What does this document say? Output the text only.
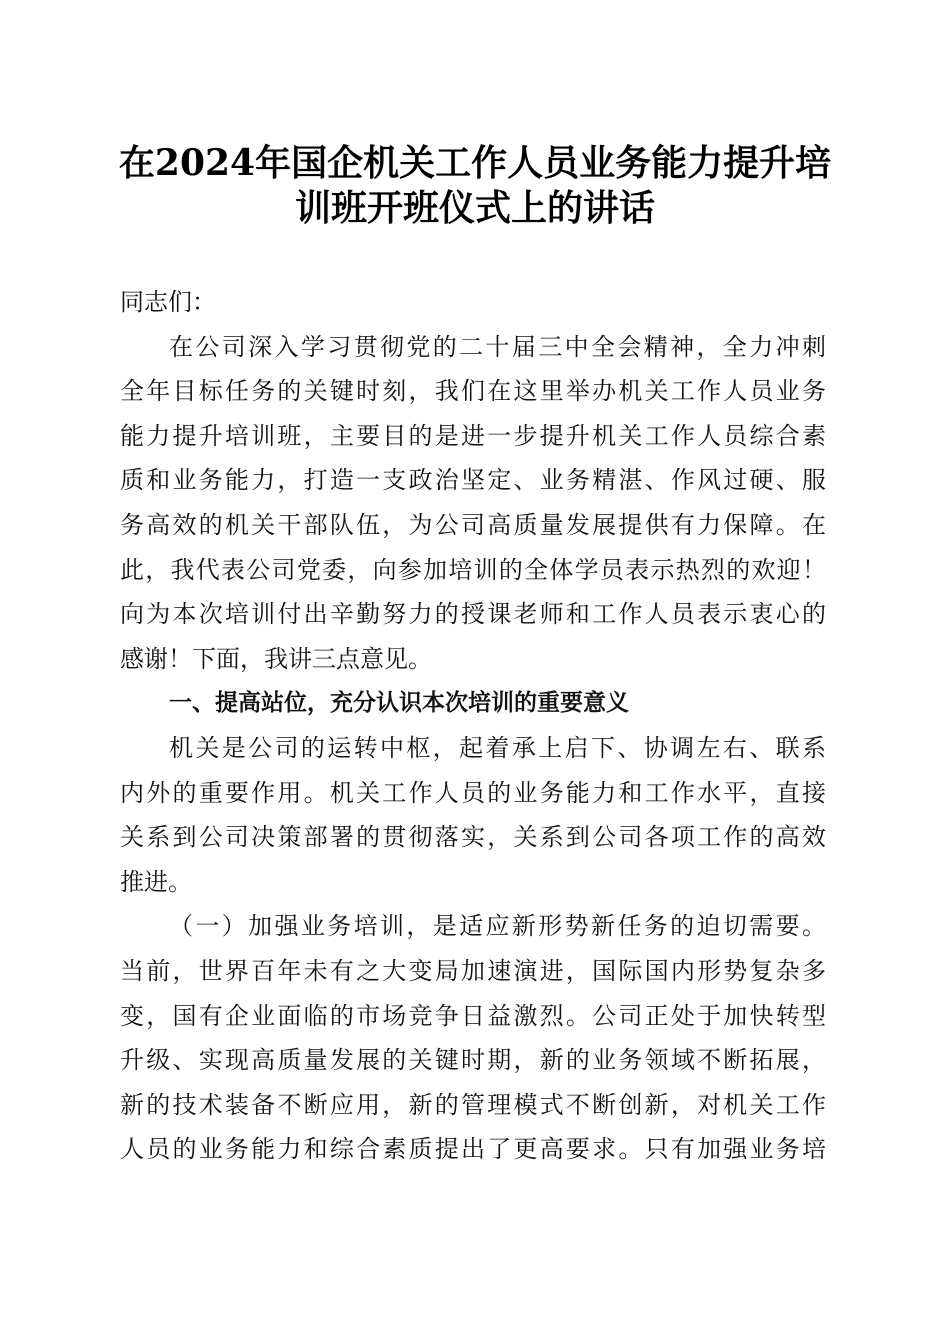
在2024年国企机关工作人员业务能力提升培
训班开班仪式上的讲话
同志们：
在公司深入学习贯彻党的二十届三中全会精神，全力冲刺
全年目标任务的关键时刻，我们在这里举办机关工作人员业务
能力提升培训班，主要目的是进一步提升机关工作人员综合素
质和业务能力，打造一支政治坚定、业务精湛、作风过硬、服
务高效的机关干部队伍，为公司高质量发展提供有力保障。在
此，我代表公司党委，向参加培训的全体学员表示热烈的欢迎！
向为本次培训付出辛勤努力的授课老师和工作人员表示衷心的
感谢！下面，我讲三点意见。
一、提高站位，充分认识本次培训的重要意义
机关是公司的运转中枢，起着承上启下、协调左右、联系
内外的重要作用。机关工作人员的业务能力和工作水平，直接
关系到公司决策部署的贯彻落实，关系到公司各项工作的高效
推进。
（一）加强业务培训，是适应新形势新任务的迫切需要。
当前，世界百年未有之大变局加速演进，国际国内形势复杂多
变，国有企业面临的市场竞争日益激烈。公司正处于加快转型
升级、实现高质量发展的关键时期，新的业务领域不断拓展，
新的技术装备不断应用，新的管理模式不断创新，对机关工作
人员的业务能力和综合素质提出了更高要求。只有加强业务培
